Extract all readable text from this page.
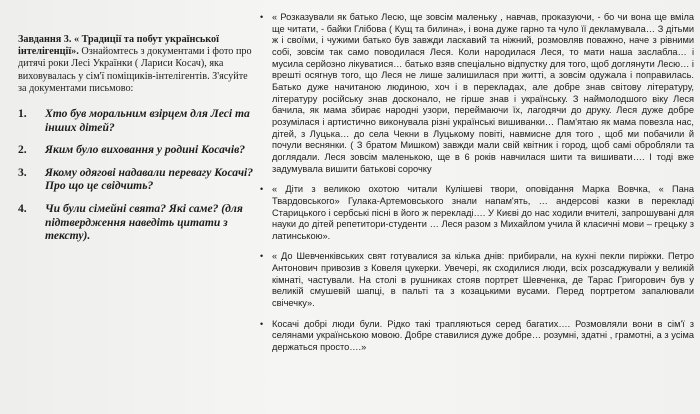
Завдання 3. « Традиції та побут української інтелігенції». Ознайомтесь з документами і фото про дитячі роки Лесі Українки ( Лариси Косач), яка виховувалась у сім'ї поміщиків-інтелігентів. З'ясуйте за документами письмово:

1. Хто був моральним взірцем для Лесі та інших дітей?
2. Яким було виховання у родині Косачів?
3. Якому одягові надавали перевагу Косачі? Про що це свідчить?
4. Чи були сімейні свята? Які саме? (для підтвердження наведіть цитати з тексту).
• « Розказували як батько Лесю, ще зовсім маленьку , навчав, проказуючи, - бо чи вона ще вміла ще читати, - байки Глібова ( Кущ та билина», і вона дуже гарно та чуло її декламувала… З дітьми ж і своїми, і чужими батько був завжди ласкавий та ніжний, розмовляв поважно, наче з рівними собі, зовсім так само поводилася Леся. Коли народилася Леся, то мати наша заслабла… і мусила серйозно лікуватися… батько взяв спеціально відпустку для того, щоб доглянути Лесю… і врешті осягнув того, що Леся не лише залишилася при житті, а зовсім одужала і поправилась. Батько дуже начитаною людиною, хоч і в перекладах, але добре знав світову літературу, літературу російську знав досконало, не гірше знав і українську. З наймолодшого віку Леся бачила, як мама збирає народні узори, переймаючи їх, лагодячи до друку. Леся дуже добре розумілася і артистично виконувала різні українські вишиванки… Пам'ятаю як мама повезла нас, дітей, з Луцька… до села Чекни в Луцькому повіті, навмисне для того , щоб ми побачили й почули веснянки. ( З братом Мишком) завжди мали свій квітник і город, щоб самі обробляли та доглядали. Леся зовсім маленькою, ще в 6 років навчилася шити та вишивати…. І тоді вже задумувала вишити батькові сорочку

• « Діти з великою охотою читали Кулішеві твори, оповідання Марка Вовчка, « Пана Твардовського» Гулака-Артемовського знали напам'ять, … андерсові казки в перекладі Старицького і сербські пісні в його ж перекладі…. У Києві до нас ходили вчителі, запрошувані для науки до дітей репетитори-студенти … Леся разом з Михайлом учила й класичні мови – грецьку з латинською».

• « До Шевченківських свят готувалися за кілька днів: прибирали, на кухні пекли пиріжки. Петро Антонович привозив з Ковеля цукерки. Увечері, як сходилися люди, всіх розсаджували у великій кімнаті, частували. На столі в рушниках стояв портрет Шевченка, де Тарас Григорович був у великій смушевій шапці, в пальті та з козацькими вусами. Перед портретом запалювали свічечку».

• Косачі добрі люди були. Рідко такі трапляються серед багатих…. Розмовляли вони в сім'ї з селянами українською мовою. Добре ставилися дуже добре… розумні, здатні , грамотні, а з усіма держаться просто….»
